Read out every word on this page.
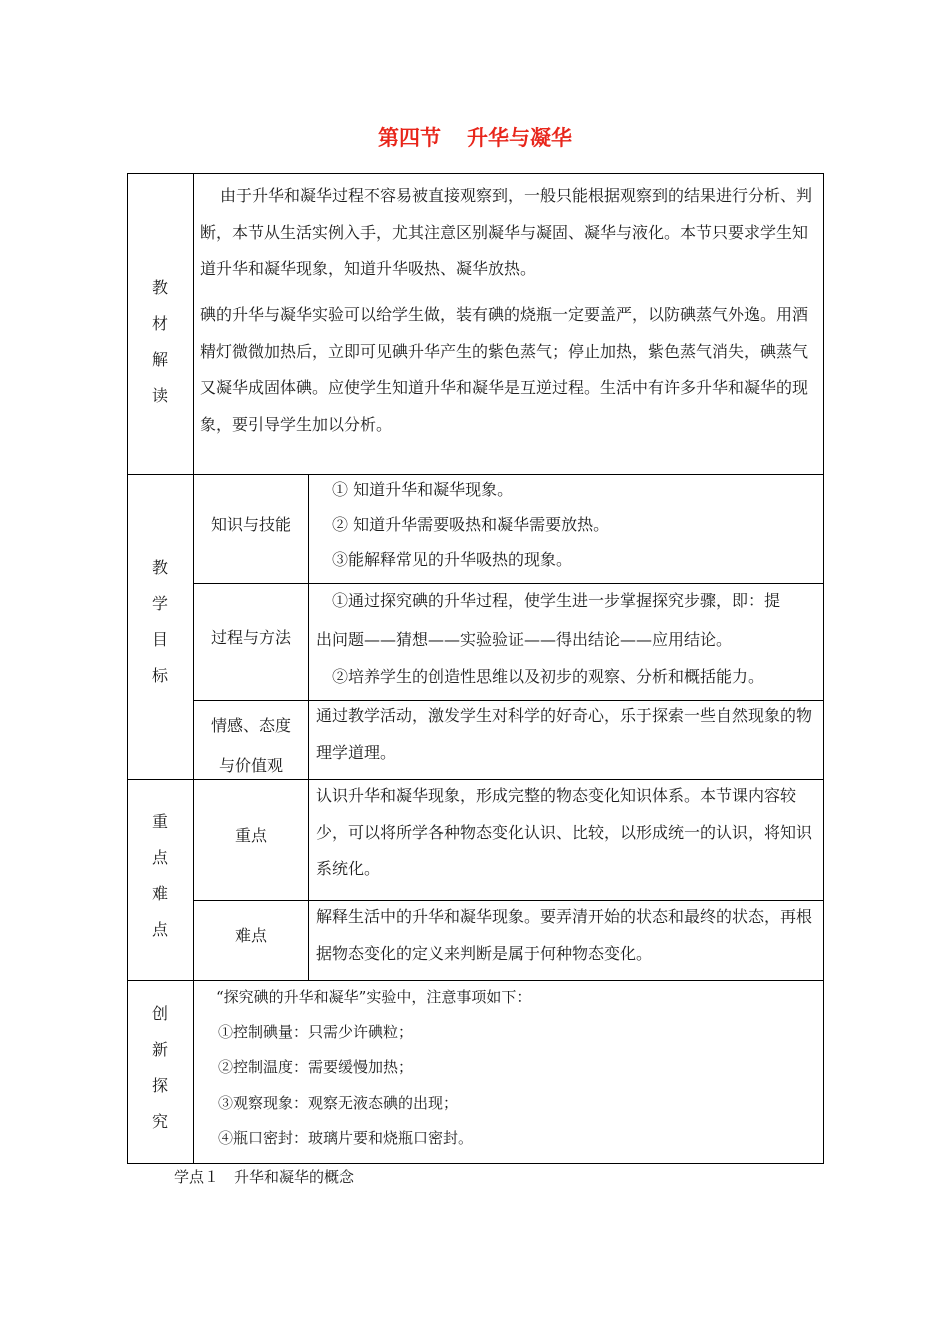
第四节 升华与凝华
教
材
解
读
由于升华和凝华过程不容易被直接观察到，一般只能根据观察到的结果进行分析、判断，本节从生活实例入手，尤其注意区别凝华与凝固、凝华与液化。本节只要求学生知道升华和凝华现象，知道升华吸热、凝华放热。
碘的升华与凝华实验可以给学生做，装有碘的烧瓶一定要盖严，以防碘蒸气外逸。用酒精灯微微加热后，立即可见碘升华产生的紫色蒸气；停止加热，紫色蒸气消失，碘蒸气又凝华成固体碘。应使学生知道升华和凝华是互逆过程。生活中有许多升华和凝华的现象，要引导学生加以分析。
教
学
目
标
知识与技能
① 知道升华和凝华现象。
② 知道升华需要吸热和凝华需要放热。
③能解释常见的升华吸热的现象。
过程与方法
①通过探究碘的升华过程，使学生进一步掌握探究步骤，即：提
出问题——猜想——实验验证——得出结论——应用结论。
②培养学生的创造性思维以及初步的观察、分析和概括能力。
情感、态度
与价值观
通过教学活动，激发学生对科学的好奇心，乐于探索一些自然现象的物理学道理。
重
点
难
点
重点
认识升华和凝华现象，形成完整的物态变化知识体系。本节课内容较少，可以将所学各种物态变化认识、比较，以形成统一的认识，将知识系统化。
难点
解释生活中的升华和凝华现象。要弄清开始的状态和最终的状态，再根据物态变化的定义来判断是属于何种物态变化。
创
新
探
究
“探究碘的升华和凝华”实验中，注意事项如下：
①控制碘量：只需少许碘粒；
②控制温度：需要缓慢加热；
③观察现象：观察无液态碘的出现；
④瓶口密封：玻璃片要和烧瓶口密封。
学点１　升华和凝华的概念
